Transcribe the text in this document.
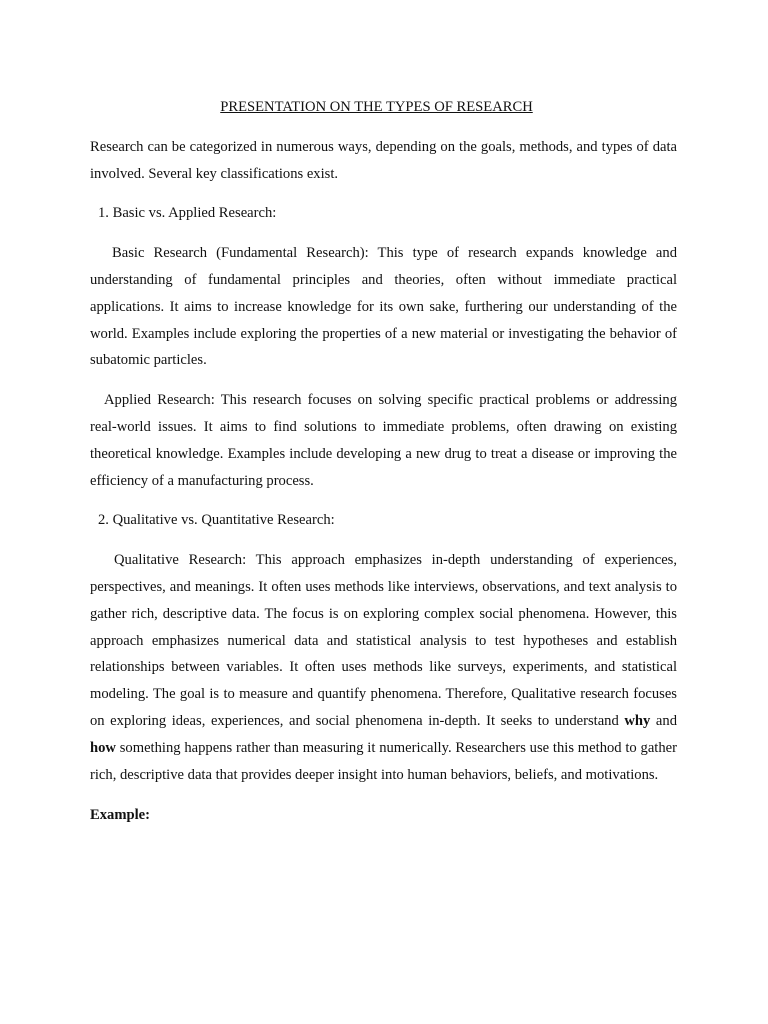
PRESENTATION ON THE TYPES OF RESEARCH

Research can be categorized in numerous ways, depending on the goals, methods, and types of data involved. Several key classifications exist.

1. Basic vs. Applied Research:

Basic Research (Fundamental Research): This type of research expands knowledge and understanding of fundamental principles and theories, often without immediate practical applications. It aims to increase knowledge for its own sake, furthering our understanding of the world. Examples include exploring the properties of a new material or investigating the behavior of subatomic particles.

Applied Research: This research focuses on solving specific practical problems or addressing real-world issues. It aims to find solutions to immediate problems, often drawing on existing theoretical knowledge. Examples include developing a new drug to treat a disease or improving the efficiency of a manufacturing process.

2. Qualitative vs. Quantitative Research:

Qualitative Research: This approach emphasizes in-depth understanding of experiences, perspectives, and meanings. It often uses methods like interviews, observations, and text analysis to gather rich, descriptive data. The focus is on exploring complex social phenomena. However, this approach emphasizes numerical data and statistical analysis to test hypotheses and establish relationships between variables. It often uses methods like surveys, experiments, and statistical modeling. The goal is to measure and quantify phenomena. Therefore, Qualitative research focuses on exploring ideas, experiences, and social phenomena in-depth. It seeks to understand why and how something happens rather than measuring it numerically. Researchers use this method to gather rich, descriptive data that provides deeper insight into human behaviors, beliefs, and motivations.

Example:
